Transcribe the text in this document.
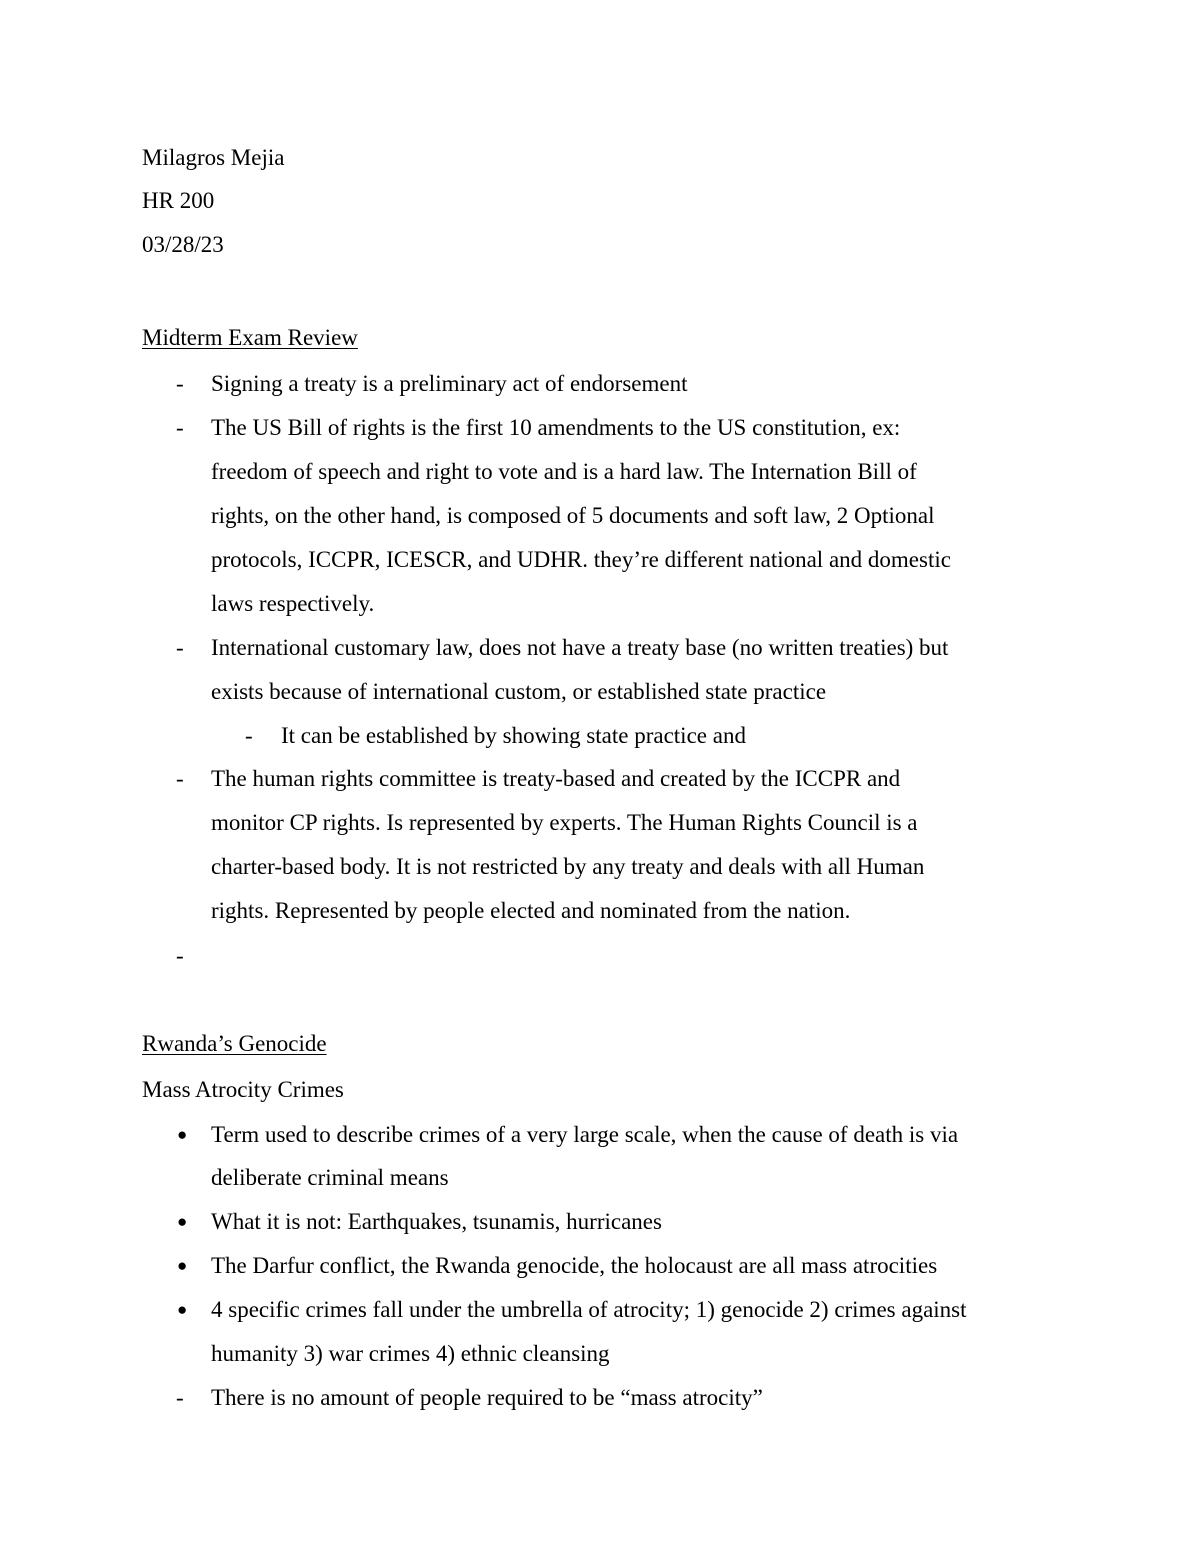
Milagros Mejia
HR 200
03/28/23
Midterm Exam Review
- Signing a treaty is a preliminary act of endorsement
- The US Bill of rights is the first 10 amendments to the US constitution, ex:
freedom of speech and right to vote and is a hard law. The Internation Bill of
rights, on the other hand, is composed of 5 documents and soft law, 2 Optional
protocols, ICCPR, ICESCR, and UDHR. they’re different national and domestic
laws respectively.
- International customary law, does not have a treaty base (no written treaties) but
exists because of international custom, or established state practice
- It can be established by showing state practice and
- The human rights committee is treaty-based and created by the ICCPR and
monitor CP rights. Is represented by experts. The Human Rights Council is a
charter-based body. It is not restricted by any treaty and deals with all Human
rights. Represented by people elected and nominated from the nation.
-
Rwanda’s Genocide
Mass Atrocity Crimes
● Term used to describe crimes of a very large scale, when the cause of death is via
deliberate criminal means
● What it is not: Earthquakes, tsunamis, hurricanes
● The Darfur conflict, the Rwanda genocide, the holocaust are all mass atrocities
● 4 specific crimes fall under the umbrella of atrocity; 1) genocide 2) crimes against
humanity 3) war crimes 4) ethnic cleansing
- There is no amount of people required to be “mass atrocity”
